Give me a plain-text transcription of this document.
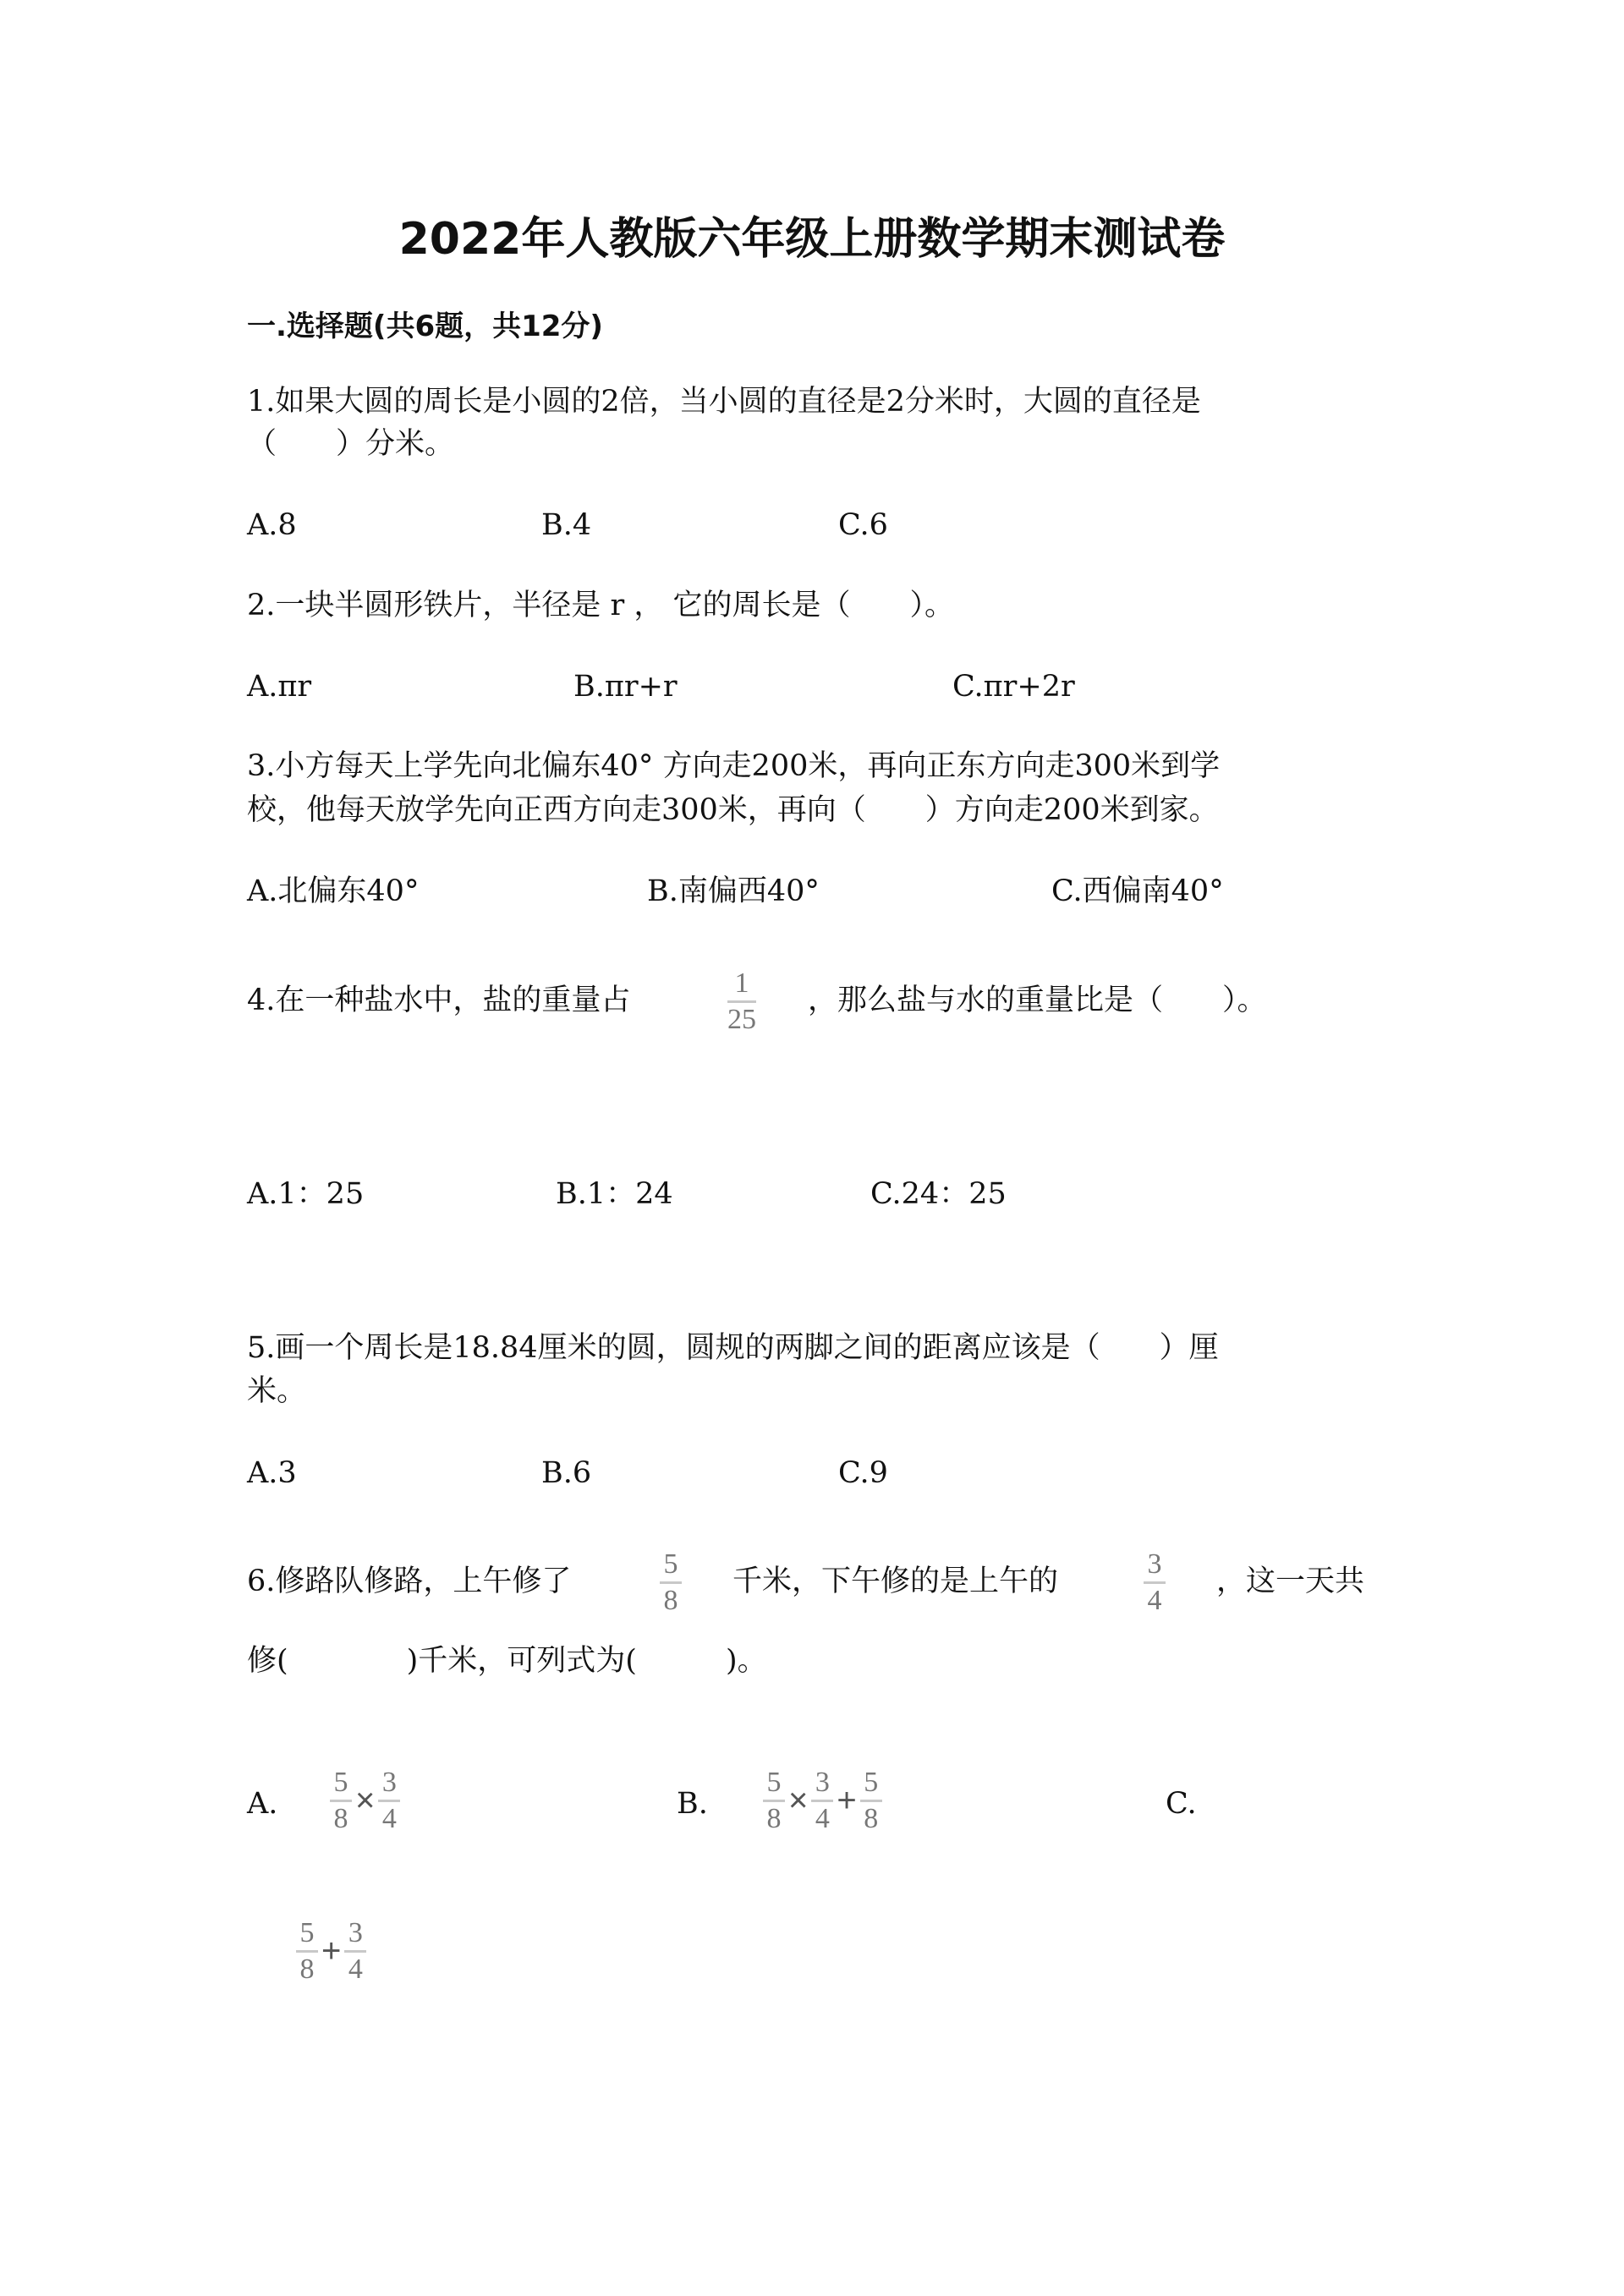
2022年人教版六年级上册数学期末测试卷
一.选择题(共6题，共12分)
1.如果大圆的周长是小圆的2倍，当小圆的直径是2分米时，大圆的直径是
（　　）分米。
A.8	B.4	C.6
2.一块半圆形铁片，半径是 r ， 它的周长是（　　）。
A.πr	B.πr+r	C.πr+2r
3.小方每天上学先向北偏东40° 方向走200米，再向正东方向走300米到学
校，他每天放学先向正西方向走300米，再向（　　）方向走200米到家。
A.北偏东40°	B.南偏西40°	C.西偏南40°
4.在一种盐水中，盐的重量占
1
25
，那么盐与水的重量比是（　　）。
A.1：25	B.1：24	C.24：25
5.画一个周长是18.84厘米的圆，圆规的两脚之间的距离应该是（　　）厘
米。
A.3	B.6	C.9
6.修路队修路，上午修了
5
8
千米，下午修的是上午的
3
4
，这一天共
修(　　　　)千米，可列式为(　　　)。
A. $\frac{5}{8} \times \frac{3}{4}$	B. $\frac{5}{8} \times \frac{3}{4} + \frac{5}{8}$	C.
$\frac{5}{8} + \frac{3}{4}$
